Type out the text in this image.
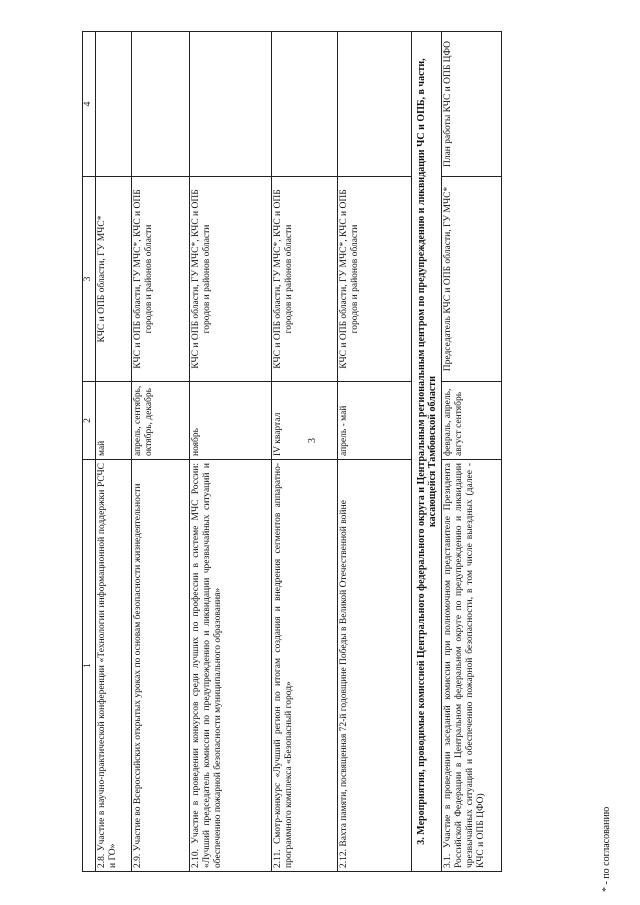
3
1	2	3	4
2.8. Участие в научно-практической конференции «Технологии информационной поддержки РСЧС и ГО»	май	КЧС и ОПБ области, ГУ МЧС*	
2.9. Участие во Всероссийских открытых уроках по основам безопасности жизнедеятельности	апрель, сентябрь, октябрь, декабрь	КЧС и ОПБ области, ГУ МЧС*, КЧС и ОПБ городов и районов области	
2.10. Участие в проведении конкурсов среди лучших по профессии в системе МЧС России: «Лучший председатель комиссии по предупреждению и ликвидации чрезвычайных ситуаций и обеспечению пожарной безопасности муниципального образования»	ноябрь	КЧС и ОПБ области, ГУ МЧС*, КЧС и ОПБ городов и районов области	
2.11. Смотр-конкурс «Лучший регион по итогам создания и внедрения сегментов аппаратно-программного комплекса «Безопасный город»	IV квартал	КЧС и ОПБ области, ГУ МЧС*, КЧС и ОПБ городов и районов области	
2.12. Вахта памяти, посвященная 72-й годовщине Победы в Великой Отечественной войне	апрель - май	КЧС и ОПБ области, ГУ МЧС*, КЧС и ОПБ городов и районов области	
3. Мероприятия, проводимые комиссией Центрального федерального округа и Центральным региональным центром по предупреждению и ликвидации ЧС и ОПБ, в части, касающейся Тамбовской области			
3.1. Участие в проведении заседаний комиссии при полномочном представителе Президента Российской Федерации в Центральном федеральном округе по предупреждению и ликвидации чрезвычайных ситуаций и обеспечению пожарной безопасности, в том числе выездных (далее - КЧС и ОПБ ЦФО)	февраль, апрель, август сентябрь	Председатель КЧС и ОПБ области, ГУ МЧС*	План работы КЧС и ОПБ ЦФО
* - по согласованию
